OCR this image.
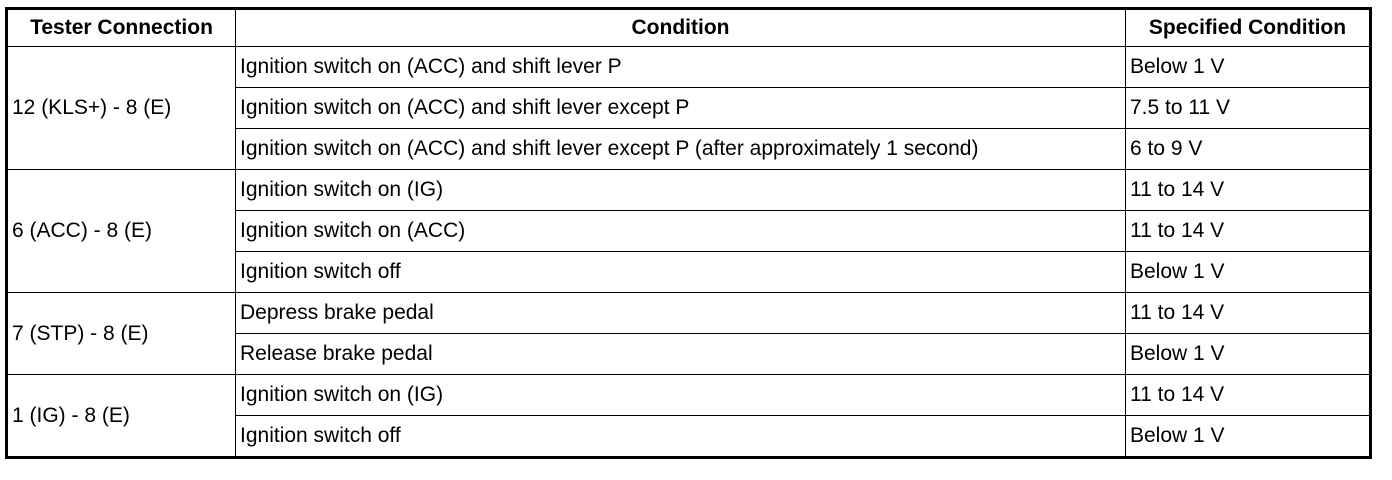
Tester Connection	Condition	Specified Condition
12 (KLS+) - 8 (E)	Ignition switch on (ACC) and shift lever P	Below 1 V
	Ignition switch on (ACC) and shift lever except P	7.5 to 11 V
	Ignition switch on (ACC) and shift lever except P (after approximately 1 second)	6 to 9 V
6 (ACC) - 8 (E)	Ignition switch on (IG)	11 to 14 V
	Ignition switch on (ACC)	11 to 14 V
	Ignition switch off	Below 1 V
7 (STP) - 8 (E)	Depress brake pedal	11 to 14 V
	Release brake pedal	Below 1 V
1 (IG) - 8 (E)	Ignition switch on (IG)	11 to 14 V
	Ignition switch off	Below 1 V
